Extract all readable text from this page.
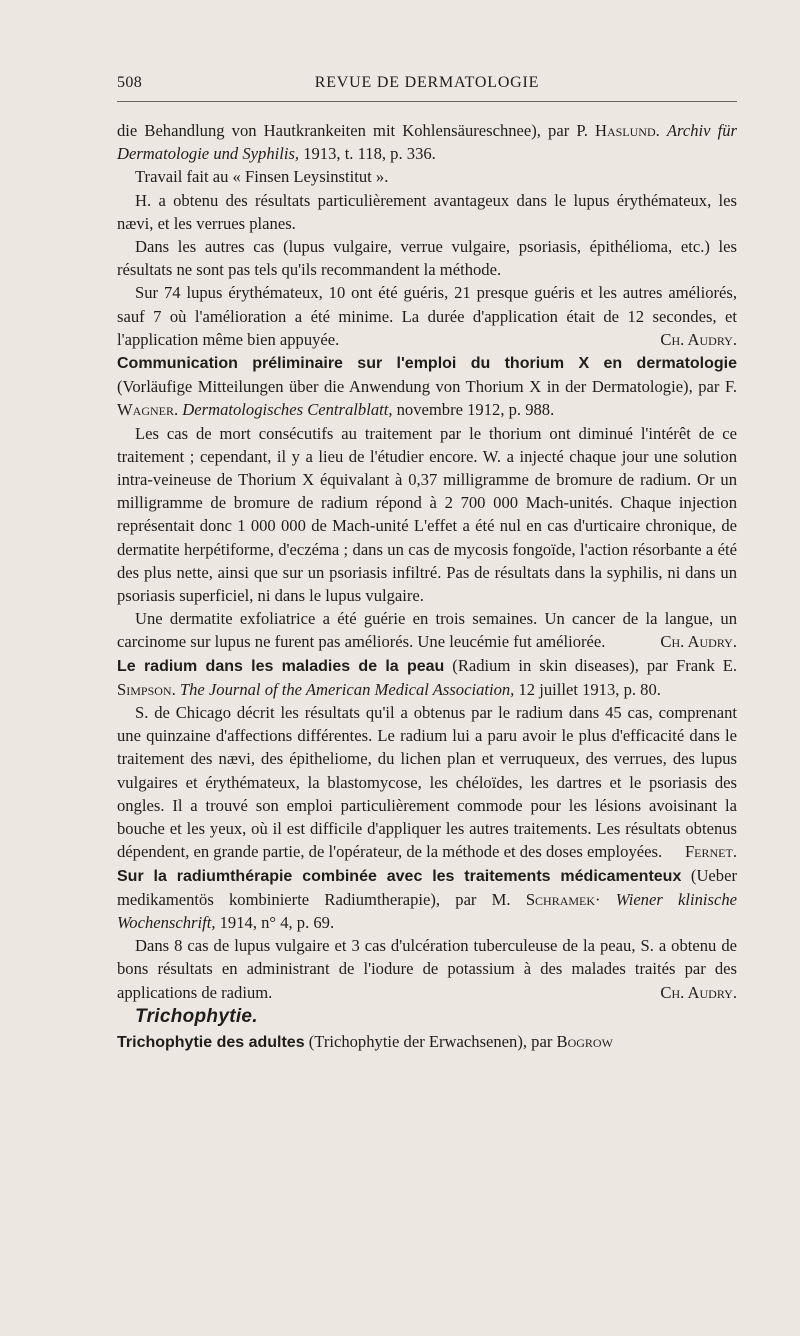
508	REVUE DE DERMATOLOGIE

die Behandlung von Hautkrankeiten mit Kohlensäureschnee), par P. Haslund. Archiv für Dermatologie und Syphilis, 1913, t. 118, p. 336.

Travail fait au « Finsen Leysinstitut ».

H. a obtenu des résultats particulièrement avantageux dans le lupus érythémateux, les nævi, et les verrues planes.

Dans les autres cas (lupus vulgaire, verrue vulgaire, psoriasis, épithélioma, etc.) les résultats ne sont pas tels qu'ils recommandent la méthode.

Sur 74 lupus érythémateux, 10 ont été guéris, 21 presque guéris et les autres améliorés, sauf 7 où l'amélioration a été minime. La durée d'application était de 12 secondes, et l'application même bien appuyée.	Ch. Audry.

Communication préliminaire sur l'emploi du thorium X en dermatologie (Vorläufige Mitteilungen über die Anwendung von Thorium X in der Dermatologie), par F. Wagner. Dermatologisches Centralblatt, novembre 1912, p. 988.

Les cas de mort consécutifs au traitement par le thorium ont diminué l'intérêt de ce traitement ; cependant, il y a lieu de l'étudier encore. W. a injecté chaque jour une solution intra-veineuse de Thorium X équivalant à 0,37 milligramme de bromure de radium. Or un milligramme de bromure de radium répond à 2 700 000 Mach-unités. Chaque injection représentait donc 1 000 000 de Mach-unité L'effet a été nul en cas d'urticaire chronique, de dermatite herpétiforme, d'eczéma ; dans un cas de mycosis fongoïde, l'action résorbante a été des plus nette, ainsi que sur un psoriasis infiltré. Pas de résultats dans la syphilis, ni dans un psoriasis superficiel, ni dans le lupus vulgaire.

Une dermatite exfoliatrice a été guérie en trois semaines. Un cancer de la langue, un carcinome sur lupus ne furent pas améliorés. Une leucémie fut améliorée.	Ch. Audry.

Le radium dans les maladies de la peau (Radium in skin diseases), par Frank E. Simpson. The Journal of the American Medical Association, 12 juillet 1913, p. 80.

S. de Chicago décrit les résultats qu'il a obtenus par le radium dans 45 cas, comprenant une quinzaine d'affections différentes. Le radium lui a paru avoir le plus d'efficacité dans le traitement des nævi, des épitheliome, du lichen plan et verruqueux, des verrues, des lupus vulgaires et érythémateux, la blastomycose, les chéloïdes, les dartres et le psoriasis des ongles. Il a trouvé son emploi particulièrement commode pour les lésions avoisinant la bouche et les yeux, où il est difficile d'appliquer les autres traitements. Les résultats obtenus dépendent, en grande partie, de l'opérateur, de la méthode et des doses employées.	Fernet.

Sur la radiumthérapie combinée avec les traitements médicamenteux (Ueber medikamentös kombinierte Radiumtherapie), par M. Schramek· Wiener klinische Wochenschrift, 1914, n° 4, p. 69.

Dans 8 cas de lupus vulgaire et 3 cas d'ulcération tuberculeuse de la peau, S. a obtenu de bons résultats en administrant de l'iodure de potassium à des malades traités par des applications de radium.	Ch. Audry.

Trichophytie.

Trichophytie des adultes (Trichophytie der Erwachsenen), par Bogrow
